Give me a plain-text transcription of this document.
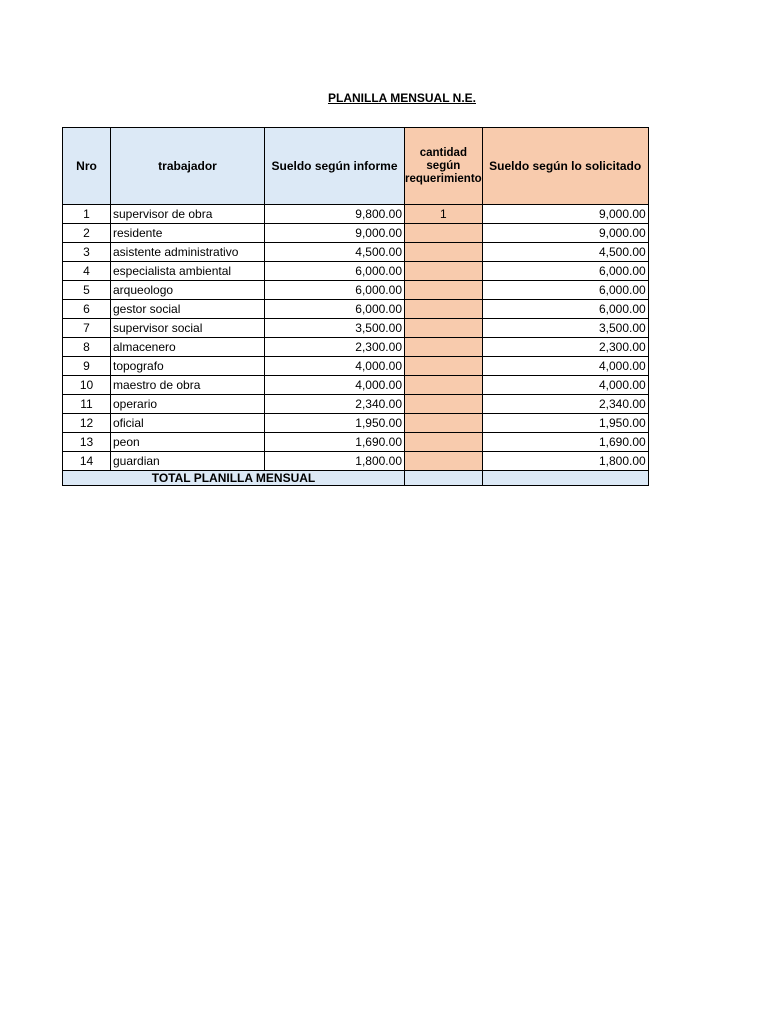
PLANILLA MENSUAL N.E.
Nro	trabajador	Sueldo según informe	cantidad según requerimiento	Sueldo según lo solicitado
1	supervisor de obra	9,800.00	1	9,000.00
2	residente	9,000.00		9,000.00
3	asistente administrativo	4,500.00		4,500.00
4	especialista ambiental	6,000.00		6,000.00
5	arqueologo	6,000.00		6,000.00
6	gestor social	6,000.00		6,000.00
7	supervisor social	3,500.00		3,500.00
8	almacenero	2,300.00		2,300.00
9	topografo	4,000.00		4,000.00
10	maestro de obra	4,000.00		4,000.00
11	operario	2,340.00		2,340.00
12	oficial	1,950.00		1,950.00
13	peon	1,690.00		1,690.00
14	guardian	1,800.00		1,800.00
TOTAL PLANILLA MENSUAL				
